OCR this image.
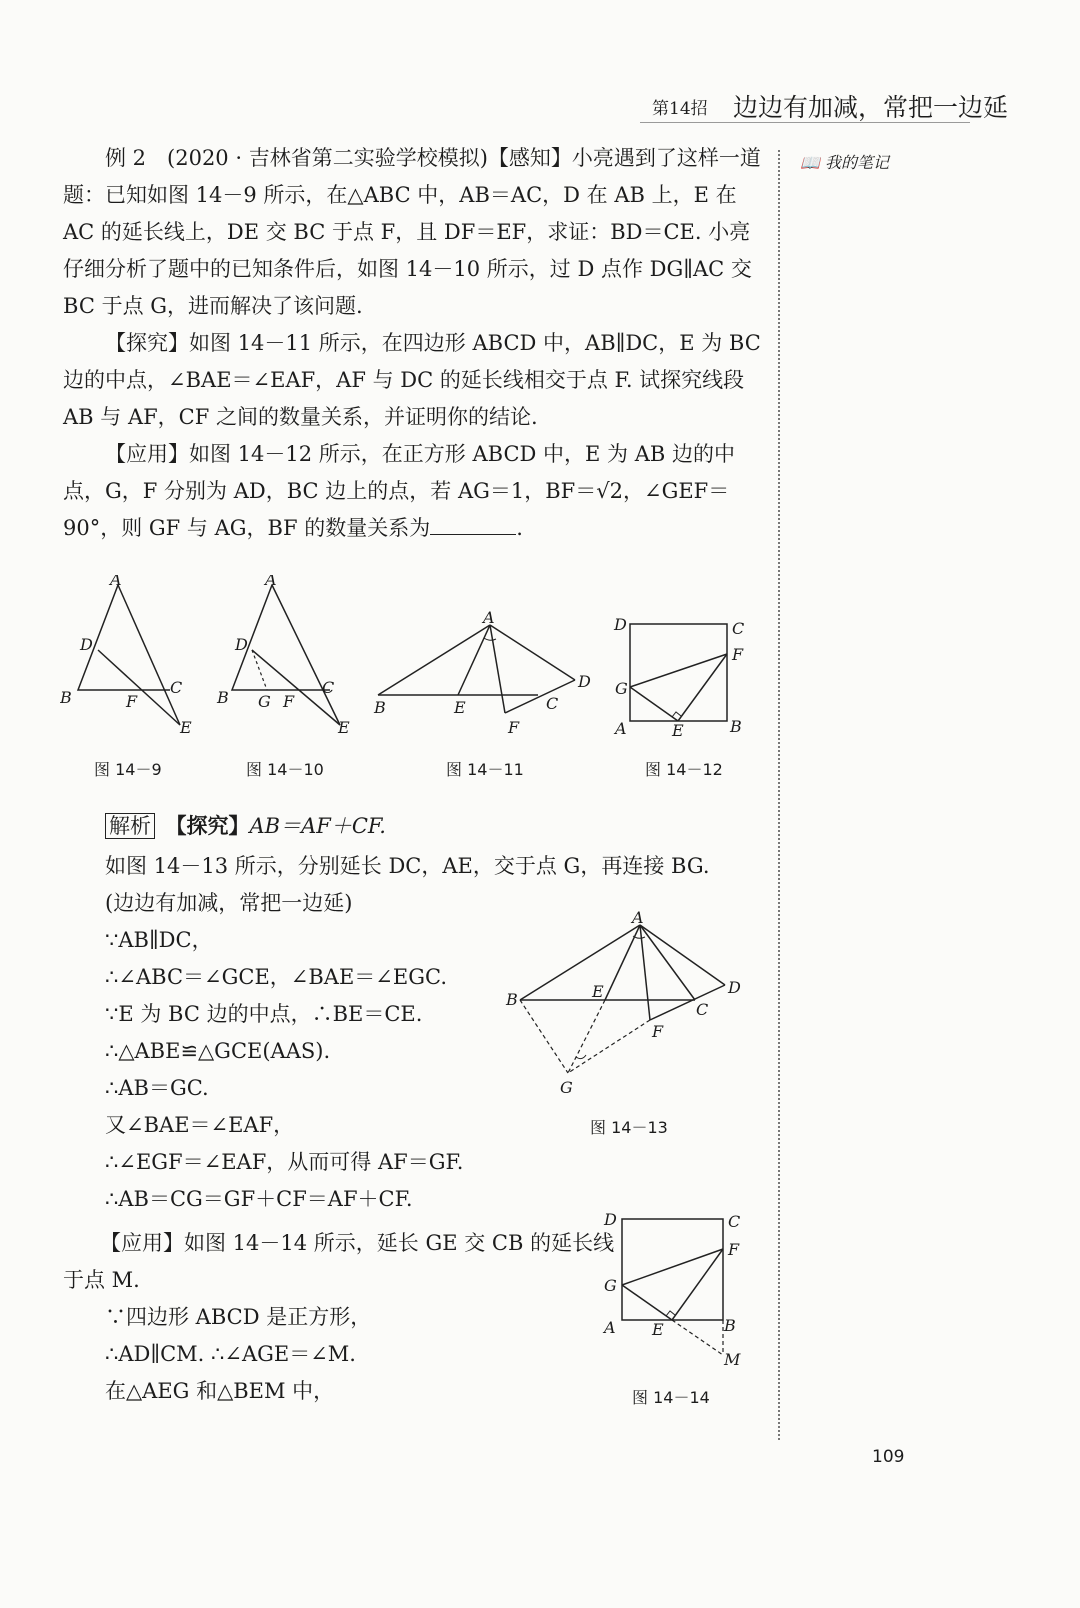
第14招 边边有加减，常把一边延
📖 我的笔记
例 2　(2020 · 吉林省第二实验学校模拟)【感知】小亮遇到了这样一道题：已知如图 14－9 所示，在△ABC 中，AB＝AC，D 在 AB 上，E 在 AC 的延长线上，DE 交 BC 于点 F，且 DF＝EF，求证：BD＝CE. 小亮仔细分析了题中的已知条件后，如图 14－10 所示，过 D 点作 DG∥AC 交 BC 于点 G，进而解决了该问题.
【探究】如图 14－11 所示，在四边形 ABCD 中，AB∥DC，E 为 BC 边的中点，∠BAE＝∠EAF，AF 与 DC 的延长线相交于点 F. 试探究线段 AB 与 AF，CF 之间的数量关系，并证明你的结论.
【应用】如图 14－12 所示，在正方形 ABCD 中，E 为 AB 边的中点，G，F 分别为 AD，BC 边上的点，若 AG＝1，BF＝√2，∠GEF＝90°，则 GF 与 AG，BF 的数量关系为	.
A
D
B	F
C
E
图 14－9
A
D
B G F
C
E
图 14－10
A
D
B	E
F
C
图 14－11
D	C
F
G
A	E	B
图 14－12
解析　 【探究】AB＝AF＋CF.
如图 14－13 所示，分别延长 DC，AE，交于点 G，再连接 BG.
(边边有加减，常把一边延)
∵AB∥DC，
∴∠ABC＝∠GCE，∠BAE＝∠EGC.
∵E 为 BC 边的中点，∴BE＝CE.
∴△ABE≌△GCE(AAS).
∴AB＝GC.
又∠BAE＝∠EAF，
∴∠EGF＝∠EAF，从而可得 AF＝GF.
∴AB＝CG＝GF＋CF＝AF＋CF.
【应用】如图 14－14 所示，延长 GE 交 CB 的延长线
于点 M.
∵四边形 ABCD 是正方形，
∴AD∥CM. ∴∠AGE＝∠M.
在△AEG 和△BEM 中，
A
B	E
C
D
F
G
图 14－13
D	C
F
G
A E	B
M
图 14－14
109
